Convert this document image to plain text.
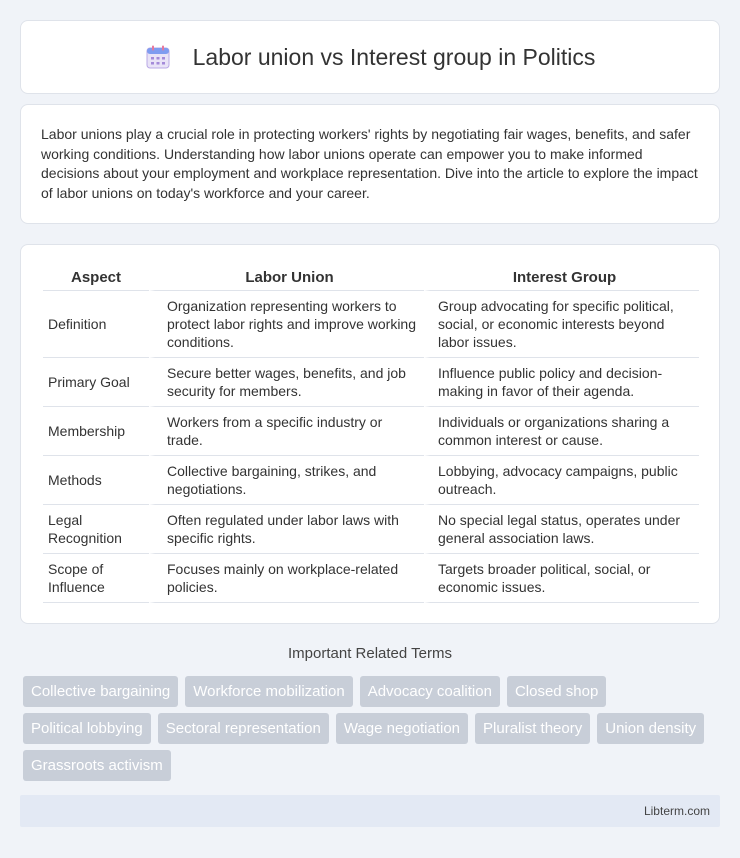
Labor union vs Interest group in Politics

Labor unions play a crucial role in protecting workers' rights by negotiating fair wages, benefits, and safer working conditions. Understanding how labor unions operate can empower you to make informed decisions about your employment and workplace representation. Dive into the article to explore the impact of labor unions on today's workforce and your career.

Aspect	Labor Union	Interest Group
Definition	Organization representing workers to protect labor rights and improve working conditions.	Group advocating for specific political, social, or economic interests beyond labor issues.
Primary Goal	Secure better wages, benefits, and job security for members.	Influence public policy and decision-making in favor of their agenda.
Membership	Workers from a specific industry or trade.	Individuals or organizations sharing a common interest or cause.
Methods	Collective bargaining, strikes, and negotiations.	Lobbying, advocacy campaigns, public outreach.
Legal Recognition	Often regulated under labor laws with specific rights.	No special legal status, operates under general association laws.
Scope of Influence	Focuses mainly on workplace-related policies.	Targets broader political, social, or economic issues.
Important Related Terms
Collective bargaining	Workforce mobilization	Advocacy coalition	Closed shop
Political lobbying	Sectoral representation	Wage negotiation	Pluralist theory	Union density
Grassroots activism
Libterm.com
